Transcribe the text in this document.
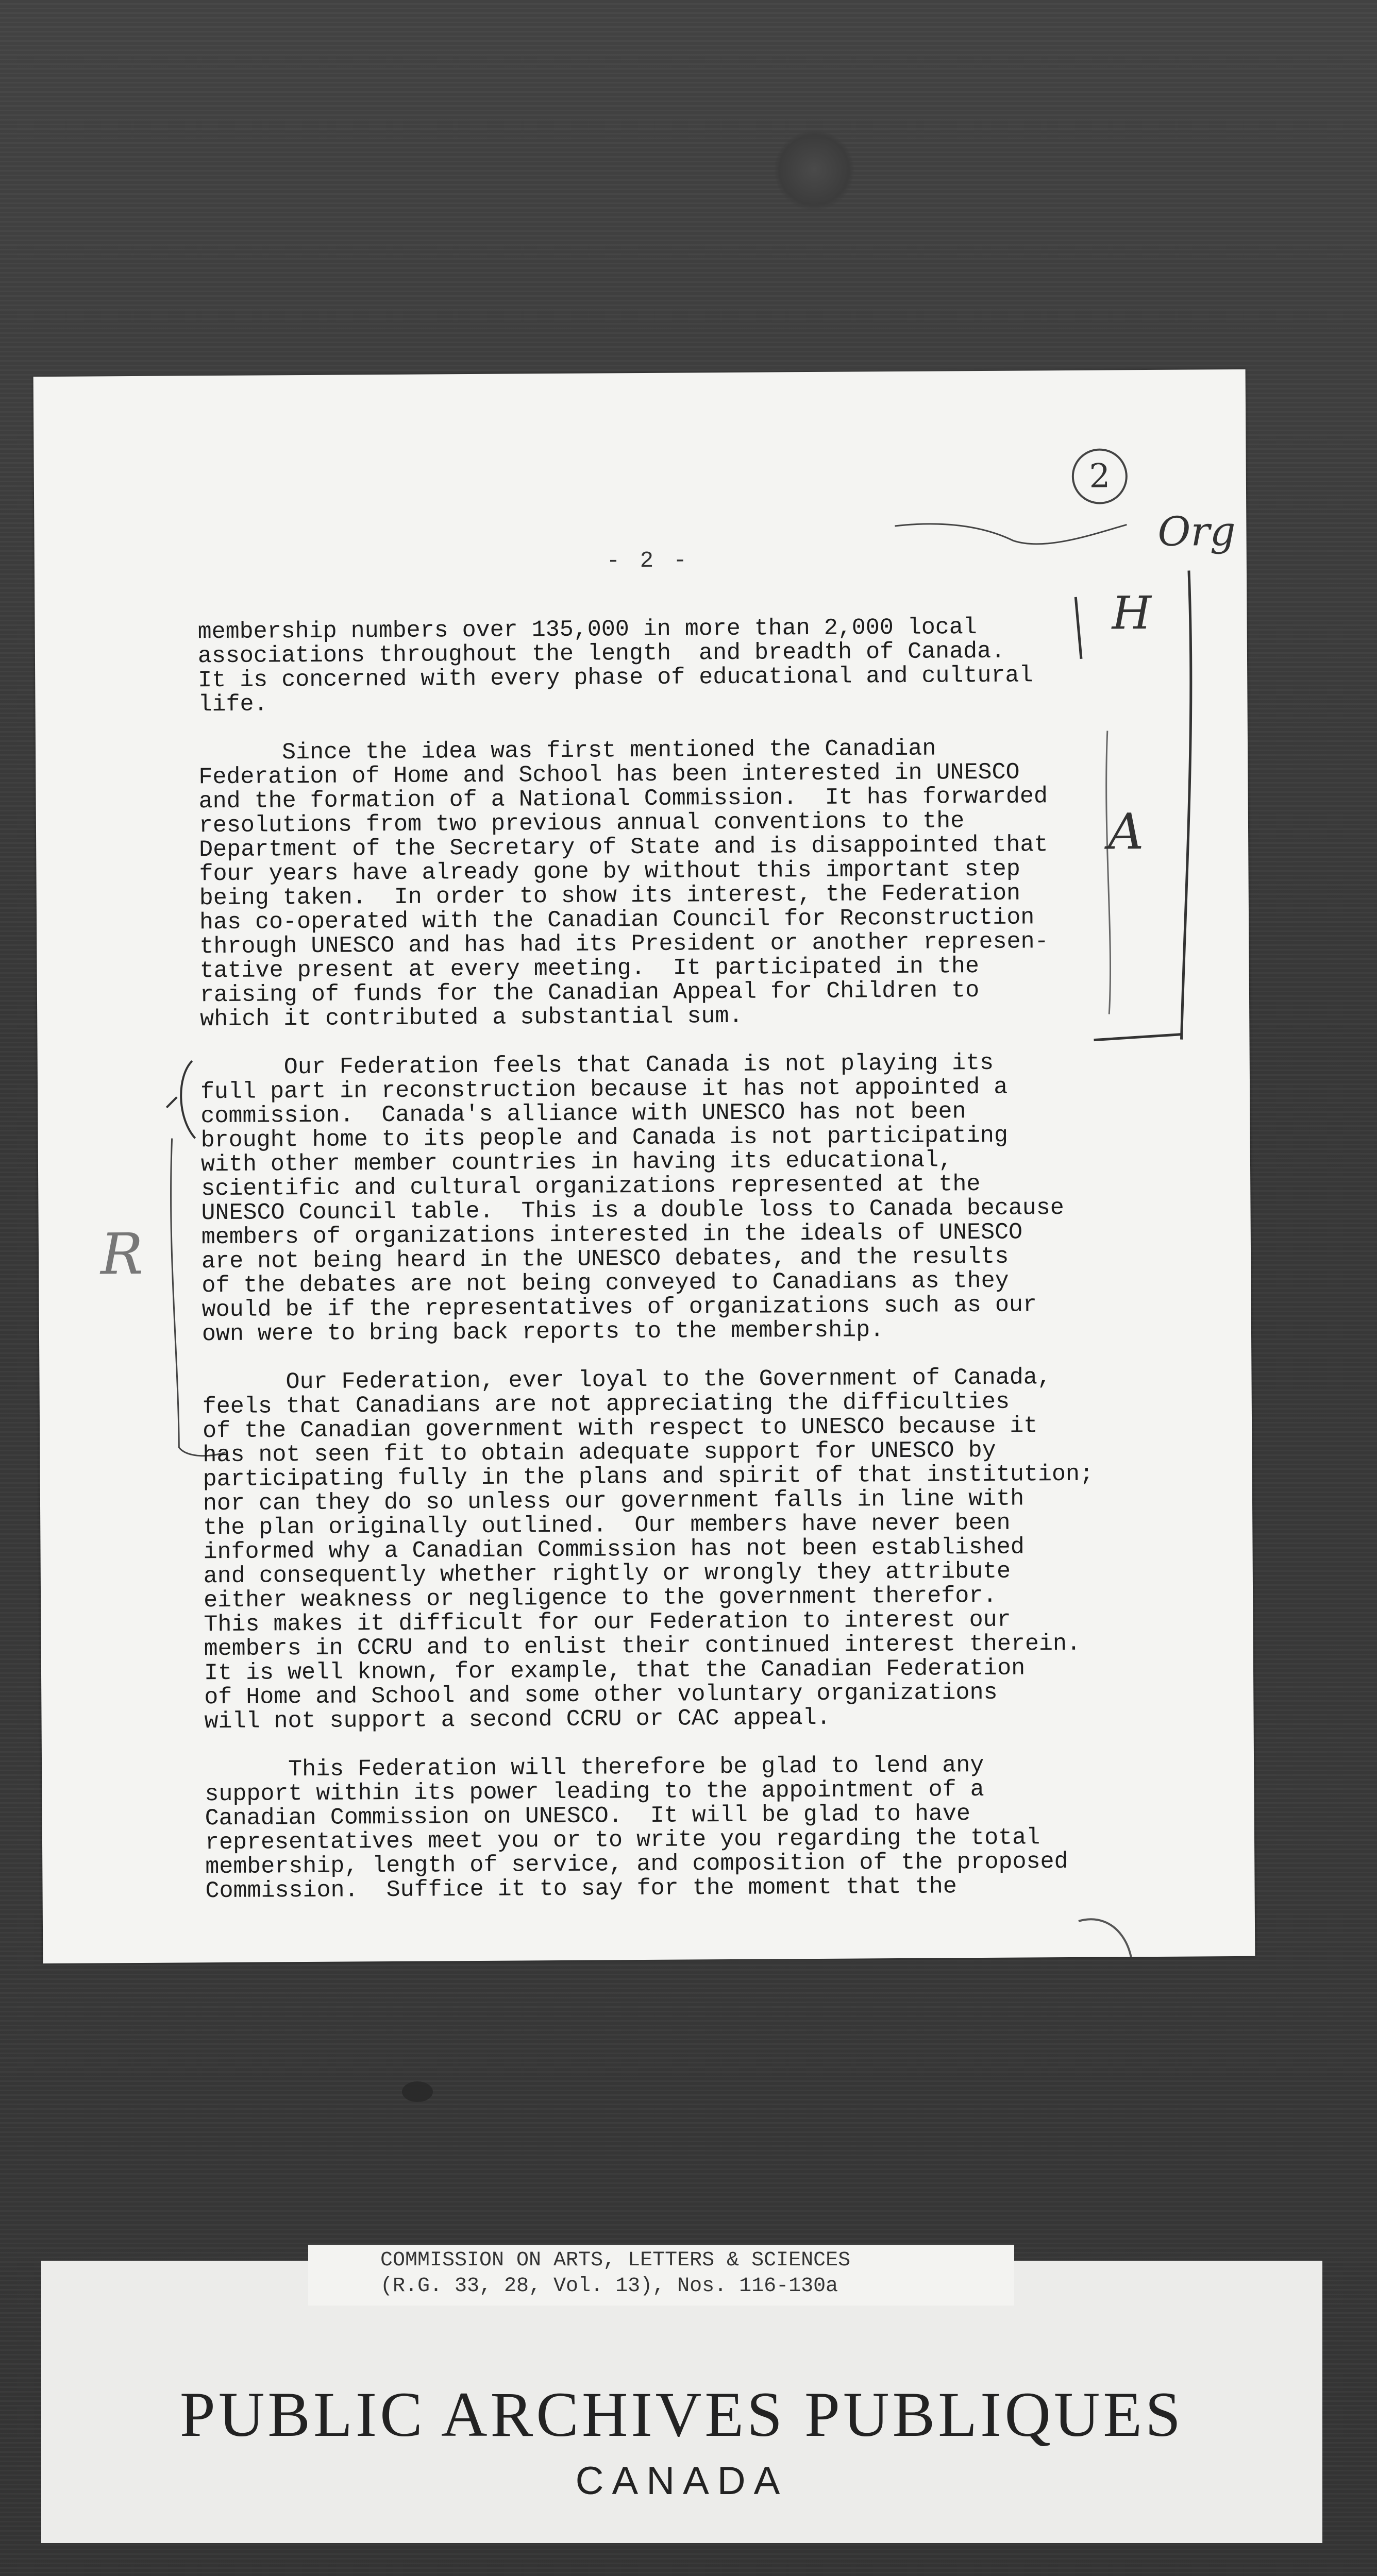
2
Org
H
A
R
- 2 -
membership numbers over 135,000 in more than 2,000 local
associations throughout the length  and breadth of Canada.
It is concerned with every phase of educational and cultural
life.

Since the idea was first mentioned the Canadian
Federation of Home and School has been interested in UNESCO
and the formation of a National Commission.  It has forwarded
resolutions from two previous annual conventions to the
Department of the Secretary of State and is disappointed that
four years have already gone by without this important step
being taken.  In order to show its interest, the Federation
has co-operated with the Canadian Council for Reconstruction
through UNESCO and has had its President or another represen-
tative present at every meeting.  It participated in the
raising of funds for the Canadian Appeal for Children to
which it contributed a substantial sum.

Our Federation feels that Canada is not playing its
full part in reconstruction because it has not appointed a
commission.  Canada's alliance with UNESCO has not been
brought home to its people and Canada is not participating
with other member countries in having its educational,
scientific and cultural organizations represented at the
UNESCO Council table.  This is a double loss to Canada because
members of organizations interested in the ideals of UNESCO
are not being heard in the UNESCO debates, and the results
of the debates are not being conveyed to Canadians as they
would be if the representatives of organizations such as our
own were to bring back reports to the membership.

Our Federation, ever loyal to the Government of Canada,
feels that Canadians are not appreciating the difficulties
of the Canadian government with respect to UNESCO because it
has not seen fit to obtain adequate support for UNESCO by
participating fully in the plans and spirit of that institution;
nor can they do so unless our government falls in line with
the plan originally outlined.  Our members have never been
informed why a Canadian Commission has not been established
and consequently whether rightly or wrongly they attribute
either weakness or negligence to the government therefor.
This makes it difficult for our Federation to interest our
members in CCRU and to enlist their continued interest therein.
It is well known, for example, that the Canadian Federation
of Home and School and some other voluntary organizations
will not support a second CCRU or CAC appeal.

This Federation will therefore be glad to lend any
support within its power leading to the appointment of a
Canadian Commission on UNESCO.  It will be glad to have
representatives meet you or to write you regarding the total
membership, length of service, and composition of the proposed
Commission.  Suffice it to say for the moment that the
PUBLIC ARCHIVES PUBLIQUES

CANADA

COMMISSION ON ARTS, LETTERS & SCIENCES

(R.G. 33, 28, Vol. 13), Nos. 116-130a
